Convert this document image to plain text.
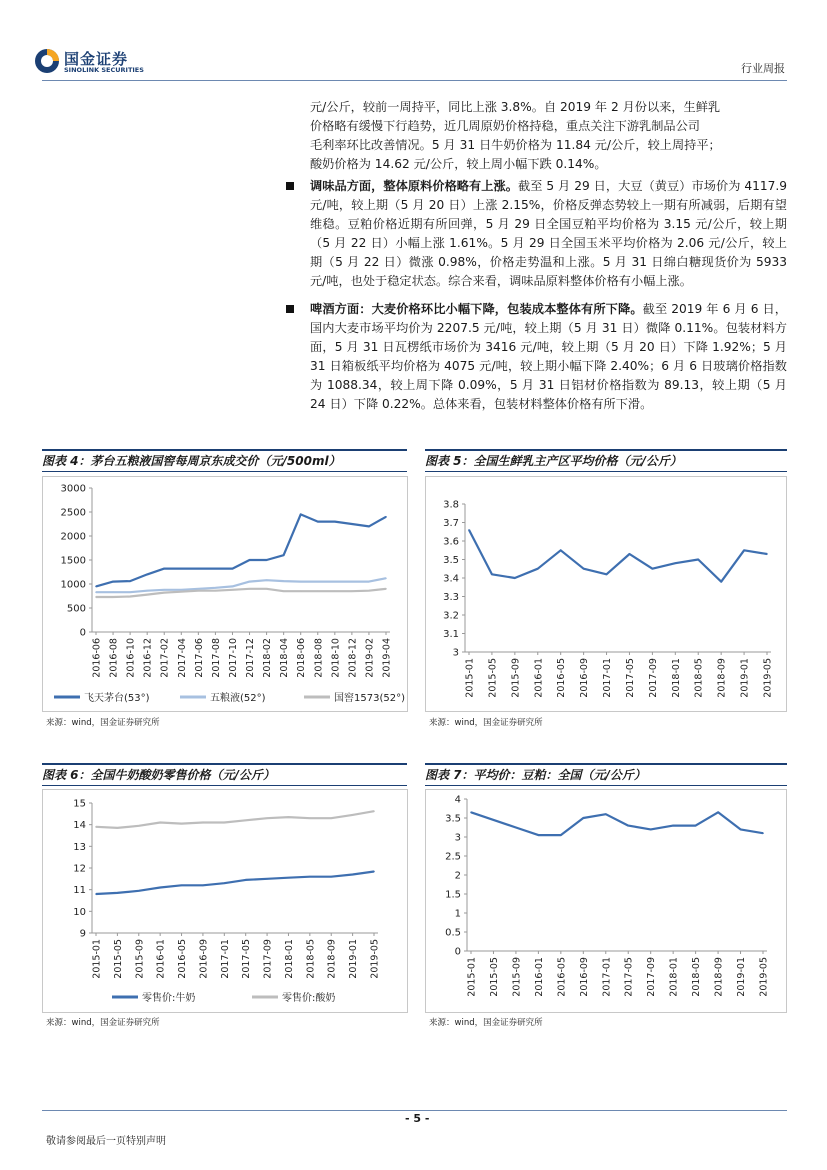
国金证券
SINOLINK SECURITIES	行业周报
元/公斤，较前一周持平，同比上涨 3.8%。自 2019 年 2 月份以来，生鲜乳
价格略有缓慢下行趋势，近几周原奶价格持稳，重点关注下游乳制品公司
毛利率环比改善情况。5 月 31 日牛奶价格为 11.84 元/公斤，较上周持平；
酸奶价格为 14.62 元/公斤，较上周小幅下跌 0.14%。
调味品方面，整体原料价格略有上涨。截至 5 月 29 日，大豆（黄豆）市场价为 4117.9 元/吨，较上期（5 月 20 日）上涨 2.15%，价格反弹态势较上一期有所减弱，后期有望维稳。豆粕价格近期有所回弹，5 月 29 日全国豆粕平均价格为 3.15 元/公斤，较上期（5 月 22 日）小幅上涨 1.61%。5 月 29 日全国玉米平均价格为 2.06 元/公斤，较上期（5 月 22 日）微涨 0.98%，价格走势温和上涨。5 月 31 日绵白糖现货价为 5933 元/吨，也处于稳定状态。综合来看，调味品原料整体价格有小幅上涨。
啤酒方面：大麦价格环比小幅下降，包装成本整体有所下降。截至 2019 年 6 月 6 日，国内大麦市场平均价为 2207.5 元/吨，较上期（5 月 31 日）微降 0.11%。包装材料方面，5 月 31 日瓦楞纸市场价为 3416 元/吨，较上期（5 月 20 日）下降 1.92%；5 月 31 日箱板纸平均价格为 4075 元/吨，较上期小幅下降 2.40%；6 月 6 日玻璃价格指数为 1088.34，较上周下降 0.09%，5 月 31 日铝材价格指数为 89.13，较上期（5 月 24 日）下降 0.22%。总体来看，包装材料整体价格有所下滑。
图表 4：茅台五粮液国窖每周京东成交价（元/500ml）
0
500
1000
1500
2000
2500
3000
2016-06 2016-08 2016-10 2016-12 2017-02 2017-04 2017-06 2017-08 2017-10 2017-12 2018-02 2018-04 2018-06 2018-08 2018-10 2018-12 2019-02 2019-04
飞天茅台(53°)	五粮液(52°)	国窖1573(52°)
来源：wind，国金证券研究所
图表 5：全国生鲜乳主产区平均价格（元/公斤）
3
3.1
3.2
3.3
3.4
3.5
3.6
3.7
3.8
2015-01 2015-05 2015-09 2016-01 2016-05 2016-09 2017-01 2017-05 2017-09 2018-01 2018-05 2018-09 2019-01 2019-05
来源：wind，国金证券研究所
图表 6：全国牛奶酸奶零售价格（元/公斤）
9
10
11
12
13
14
15
2015-01 2015-05 2015-09 2016-01 2016-05 2016-09 2017-01 2017-05 2017-09 2018-01 2018-05 2018-09 2019-01 2019-05
零售价:牛奶	零售价:酸奶
来源：wind，国金证券研究所
图表 7：平均价：豆粕：全国（元/公斤）
0
0.5
1
1.5
2
2.5
3
3.5
4
2015-01 2015-05 2015-09 2016-01 2016-05 2016-09 2017-01 2017-05 2017-09 2018-01 2018-05 2018-09 2019-01 2019-05
来源：wind，国金证券研究所
- 5 -
敬请参阅最后一页特别声明
